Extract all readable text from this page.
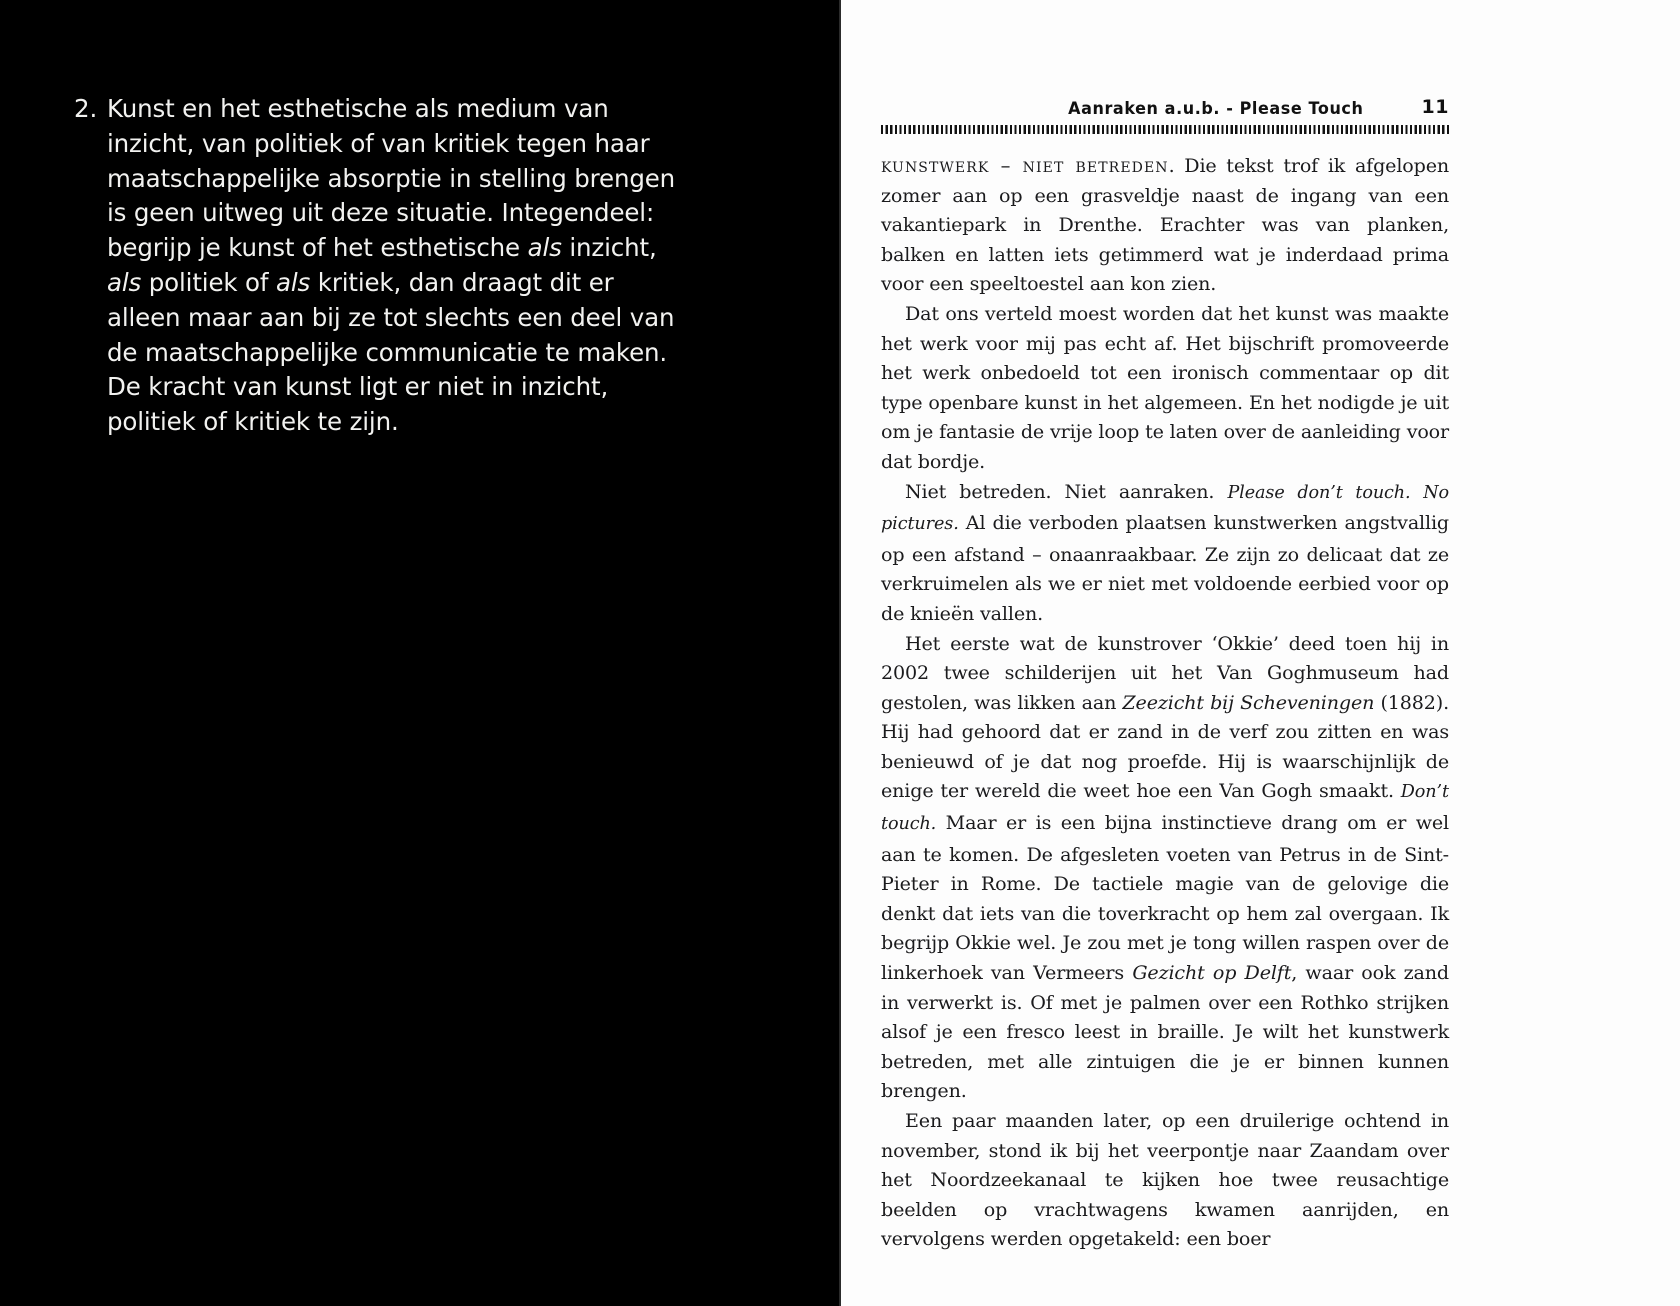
2. Kunst en het esthetische als medium van inzicht, van politiek of van kritiek tegen haar maatschappelijke absorptie in stelling brengen is geen uitweg uit deze situatie. Integendeel: begrijp je kunst of het esthetische als inzicht, als politiek of als kritiek, dan draagt dit er alleen maar aan bij ze tot slechts een deel van de maatschappelijke communicatie te maken. De kracht van kunst ligt er niet in inzicht, politiek of kritiek te zijn.
Aanraken a.u.b. - Please Touch	11

kunstwerk – niet betreden. Die tekst trof ik afgelopen zomer aan op een grasveldje naast de ingang van een vakantiepark in Drenthe. Erachter was van planken, balken en latten iets getimmerd wat je inderdaad prima voor een speeltoestel aan kon zien.

Dat ons verteld moest worden dat het kunst was maakte het werk voor mij pas echt af. Het bijschrift promoveerde het werk onbedoeld tot een ironisch commentaar op dit type openbare kunst in het algemeen. En het nodigde je uit om je fantasie de vrije loop te laten over de aanleiding voor dat bordje.

Niet betreden. Niet aanraken. Please don’t touch. No pictures. Al die verboden plaatsen kunstwerken angstvallig op een afstand – onaanraakbaar. Ze zijn zo delicaat dat ze verkruimelen als we er niet met voldoende eerbied voor op de knieën vallen.

Het eerste wat de kunstrover ‘Okkie’ deed toen hij in 2002 twee schilderijen uit het Van Goghmuseum had gestolen, was likken aan Zeezicht bij Scheveningen (1882). Hij had gehoord dat er zand in de verf zou zitten en was benieuwd of je dat nog proefde. Hij is waarschijnlijk de enige ter wereld die weet hoe een Van Gogh smaakt. Don’t touch. Maar er is een bijna instinctieve drang om er wel aan te komen. De afgesleten voeten van Petrus in de Sint-Pieter in Rome. De tactiele magie van de gelovige die denkt dat iets van die toverkracht op hem zal overgaan. Ik begrijp Okkie wel. Je zou met je tong willen raspen over de linkerhoek van Vermeers Gezicht op Delft, waar ook zand in verwerkt is. Of met je palmen over een Rothko strijken alsof je een fresco leest in braille. Je wilt het kunstwerk betreden, met alle zintuigen die je er binnen kunnen brengen.

Een paar maanden later, op een druilerige ochtend in november, stond ik bij het veerpontje naar Zaandam over het Noordzeekanaal te kijken hoe twee reusachtige beelden op vrachtwagens kwamen aanrijden, en vervolgens werden opgetakeld: een boer
